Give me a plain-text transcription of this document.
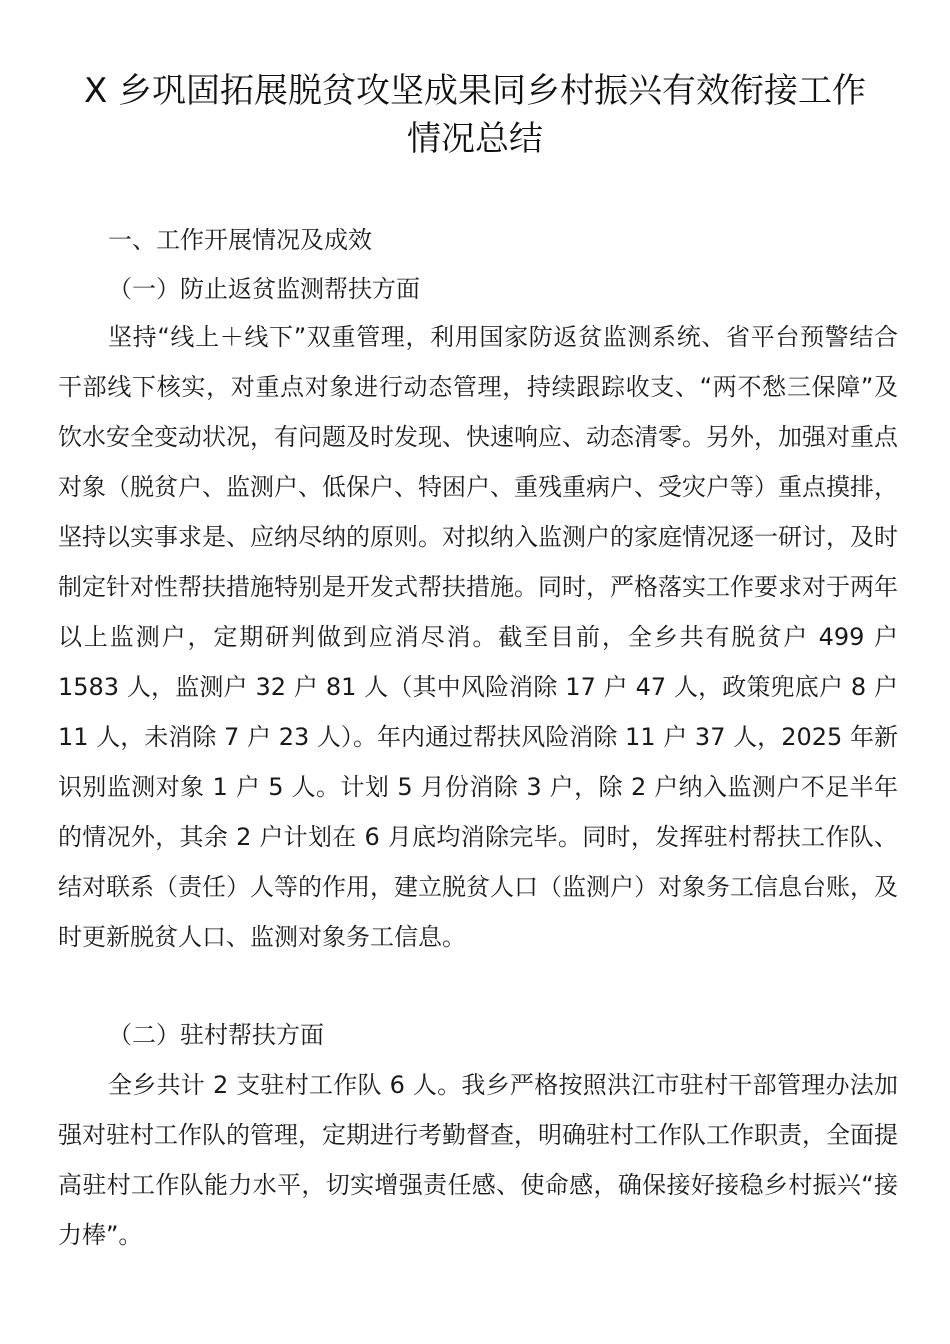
X 乡巩固拓展脱贫攻坚成果同乡村振兴有效衔接工作
情况总结
一、工作开展情况及成效
（一）防止返贫监测帮扶方面
坚持“线上＋线下”双重管理，利用国家防返贫监测系统、省平台预警结合干部线下核实，对重点对象进行动态管理，持续跟踪收支、“两不愁三保障”及饮水安全变动状况，有问题及时发现、快速响应、动态清零。另外，加强对重点对象（脱贫户、监测户、低保户、特困户、重残重病户、受灾户等）重点摸排，坚持以实事求是、应纳尽纳的原则。对拟纳入监测户的家庭情况逐一研讨，及时制定针对性帮扶措施特别是开发式帮扶措施。同时，严格落实工作要求对于两年以上监测户，定期研判做到应消尽消。截至目前，全乡共有脱贫户 499 户 1583 人，监测户 32 户 81 人（其中风险消除 17 户 47 人，政策兜底户 8 户 11 人，未消除 7 户 23 人）。年内通过帮扶风险消除 11 户 37 人，2025 年新识别监测对象 1 户 5 人。计划 5 月份消除 3 户，除 2 户纳入监测户不足半年的情况外，其余 2 户计划在 6 月底均消除完毕。同时，发挥驻村帮扶工作队、结对联系（责任）人等的作用，建立脱贫人口（监测户）对象务工信息台账，及时更新脱贫人口、监测对象务工信息。
（二）驻村帮扶方面
全乡共计 2 支驻村工作队 6 人。我乡严格按照洪江市驻村干部管理办法加强对驻村工作队的管理，定期进行考勤督查，明确驻村工作队工作职责，全面提高驻村工作队能力水平，切实增强责任感、使命感，确保接好接稳乡村振兴“接力棒”。
